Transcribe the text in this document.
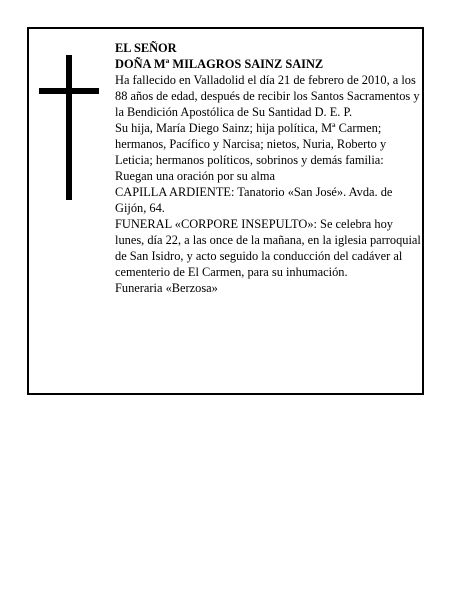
EL SEÑOR

DOÑA Mª MILAGROS SAINZ SAINZ

Ha fallecido en Valladolid el día 21 de febrero de 2010, a los 88 años de edad, después de recibir los Santos Sacramentos y la Bendición Apostólica de Su Santidad D. E. P.

Su hija, María Diego Sainz; hija política, Mª Carmen; hermanos, Pacífico y Narcisa; nietos, Nuria, Roberto y Leticia; hermanos políticos, sobrinos y demás familia: Ruegan una oración por su alma

CAPILLA ARDIENTE: Tanatorio «San José». Avda. de Gijón, 64.

FUNERAL «CORPORE INSEPULTO»: Se celebra hoy lunes, día 22, a las once de la mañana, en la iglesia parroquial de San Isidro, y acto seguido la conducción del cadáver al cementerio de El Carmen, para su inhumación.

Funeraria «Berzosa»
